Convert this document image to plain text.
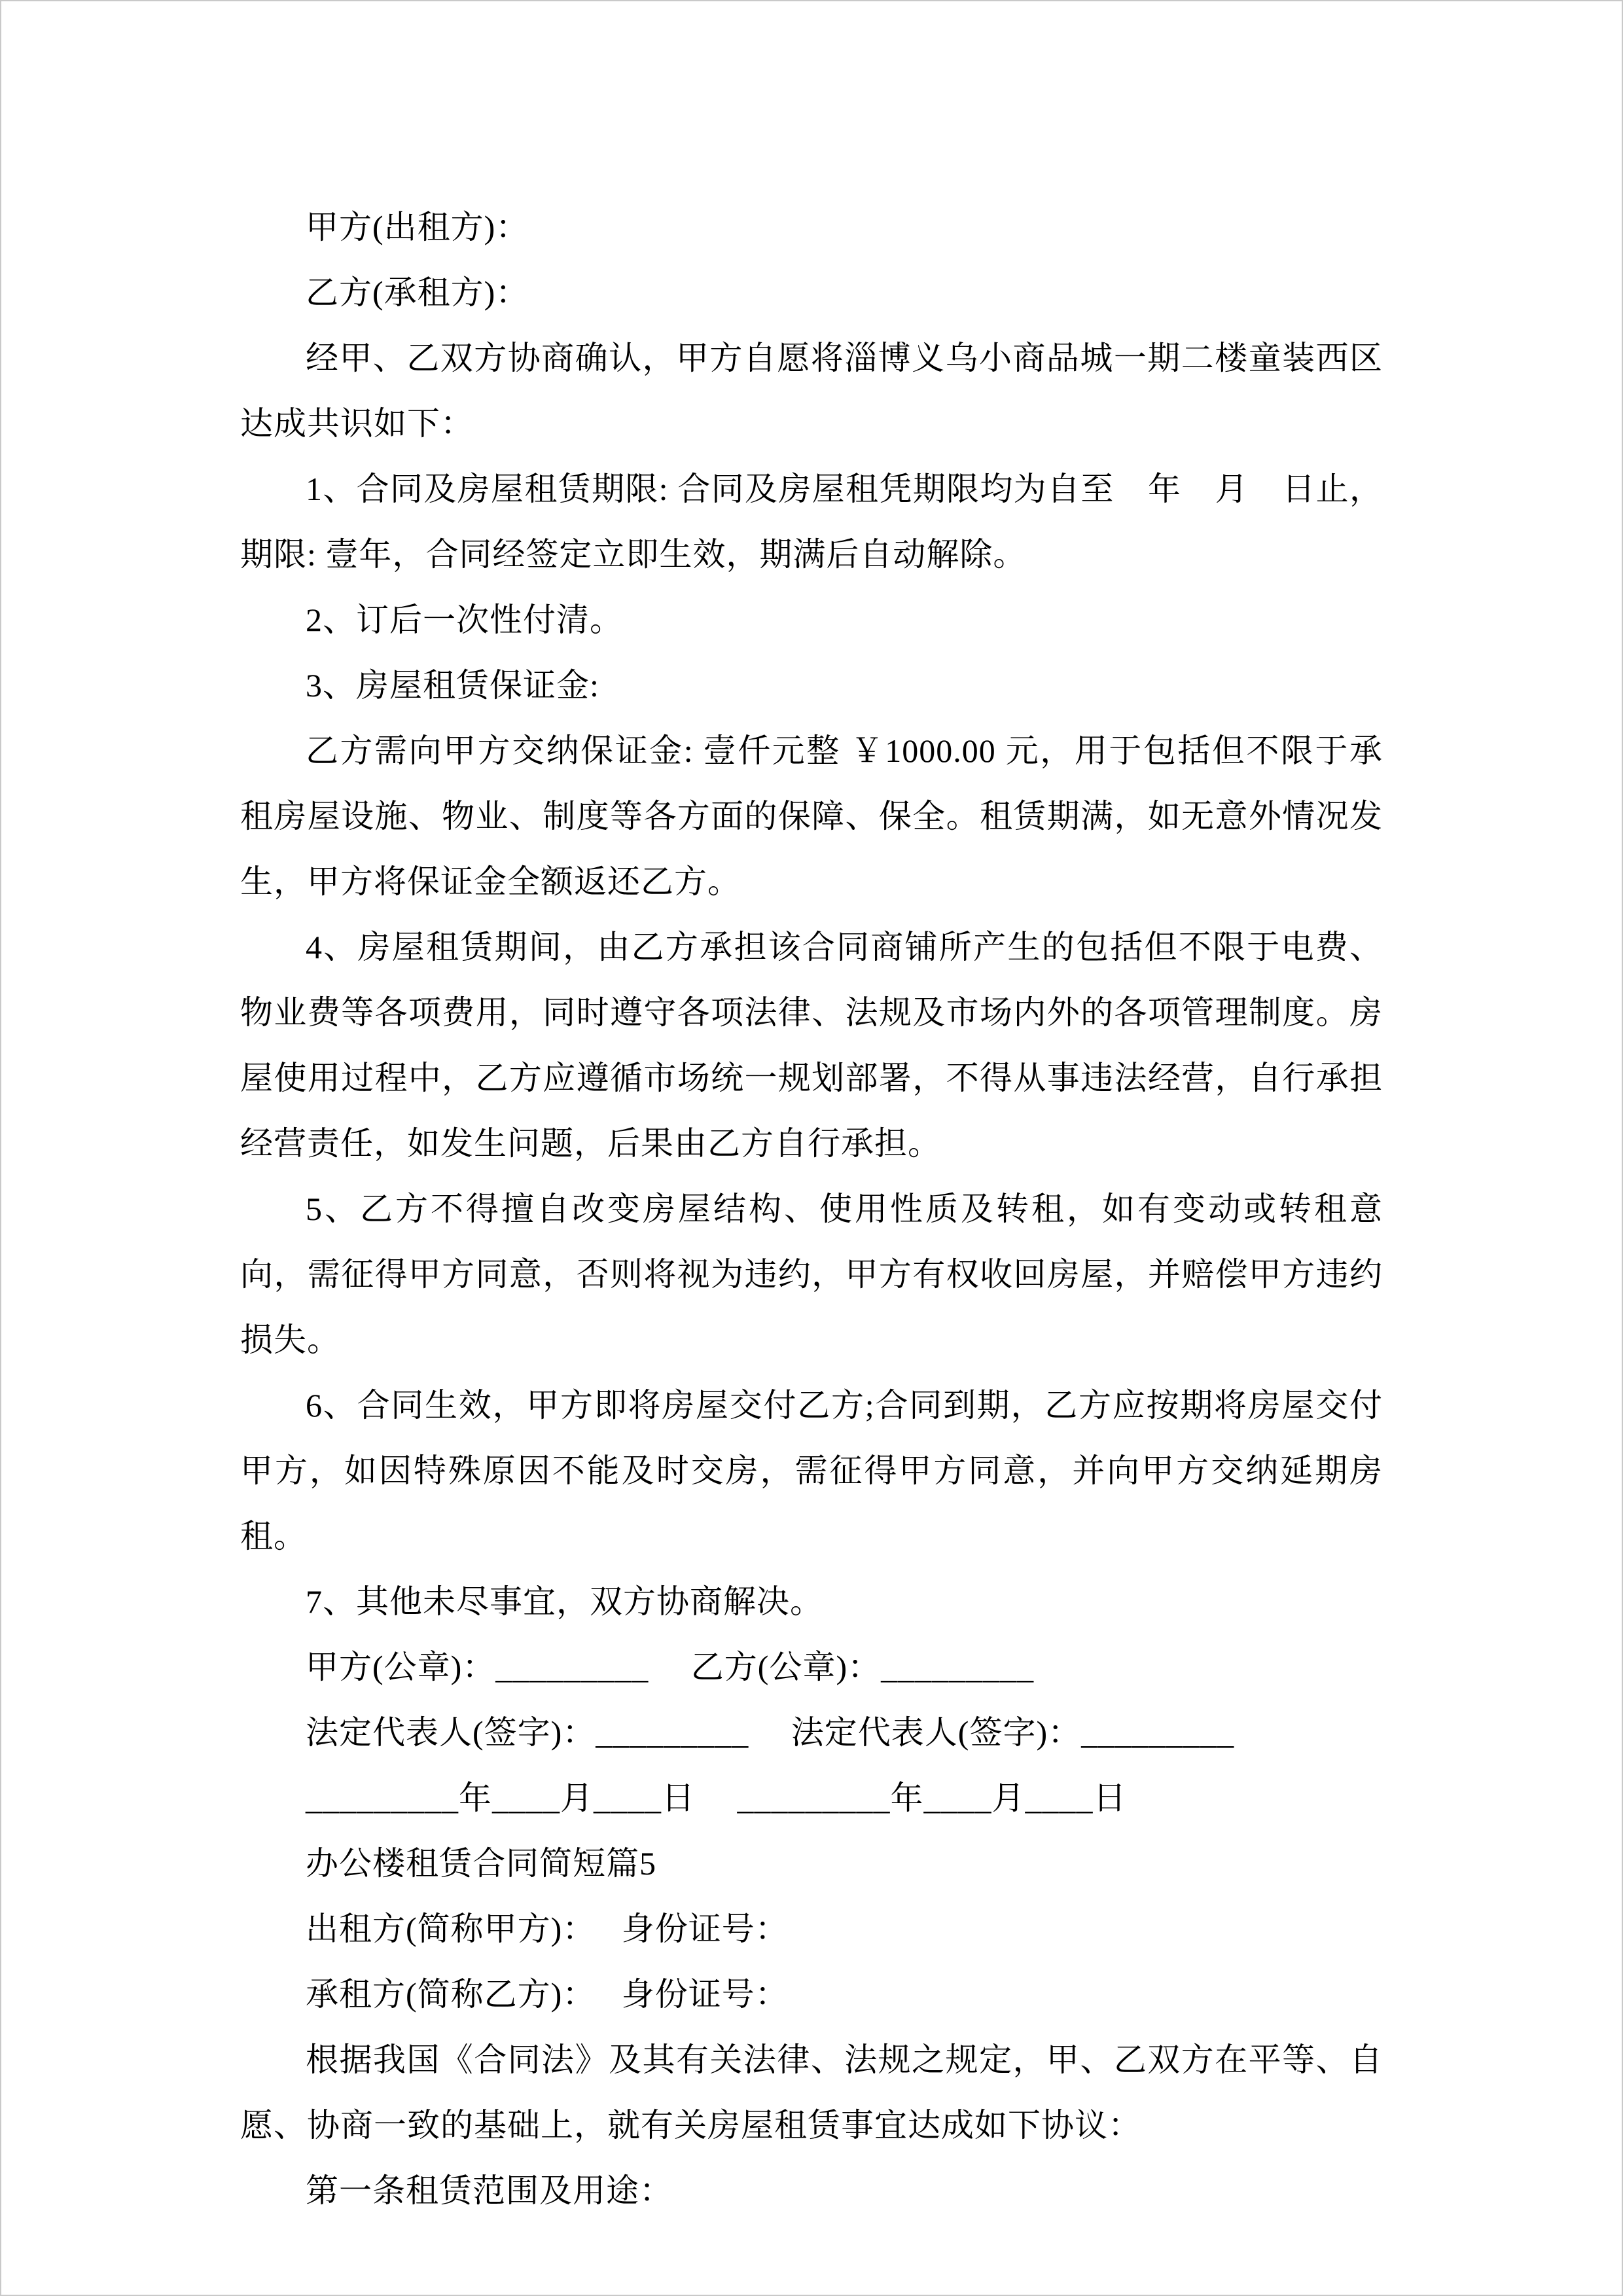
甲方(出租方)：

乙方(承租方)：

经甲、乙双方协商确认，甲方自愿将淄博义乌小商品城一期二楼童装西区达成共识如下：

1、合同及房屋租赁期限: 合同及房屋租凭期限均为自至　年　月　日止，期限: 壹年，合同经签定立即生效，期满后自动解除。

2、订后一次性付清。

3、房屋租赁保证金:

乙方需向甲方交纳保证金: 壹仟元整 ￥1000.00 元，用于包括但不限于承租房屋设施、物业、制度等各方面的保障、保全。租赁期满，如无意外情况发生，甲方将保证金全额返还乙方。

4、房屋租赁期间，由乙方承担该合同商铺所产生的包括但不限于电费、物业费等各项费用，同时遵守各项法律、法规及市场内外的各项管理制度。房屋使用过程中，乙方应遵循市场统一规划部署，不得从事违法经营，自行承担经营责任，如发生问题，后果由乙方自行承担。

5、乙方不得擅自改变房屋结构、使用性质及转租，如有变动或转租意向，需征得甲方同意，否则将视为违约，甲方有权收回房屋，并赔偿甲方违约损失。

6、合同生效，甲方即将房屋交付乙方;合同到期，乙方应按期将房屋交付甲方，如因特殊原因不能及时交房，需征得甲方同意，并向甲方交纳延期房租。

7、其他未尽事宜，双方协商解决。

甲方(公章)：_________　 乙方(公章)：_________

法定代表人(签字)：_________　 法定代表人(签字)：_________

_________年____月____日 　_________年____月____日

办公楼租赁合同简短篇5

出租方(简称甲方)：　 身份证号：

承租方(简称乙方)：　 身份证号：

根据我国《合同法》及其有关法律、法规之规定，甲、乙双方在平等、自愿、协商一致的基础上，就有关房屋租赁事宜达成如下协议：

第一条租赁范围及用途：
